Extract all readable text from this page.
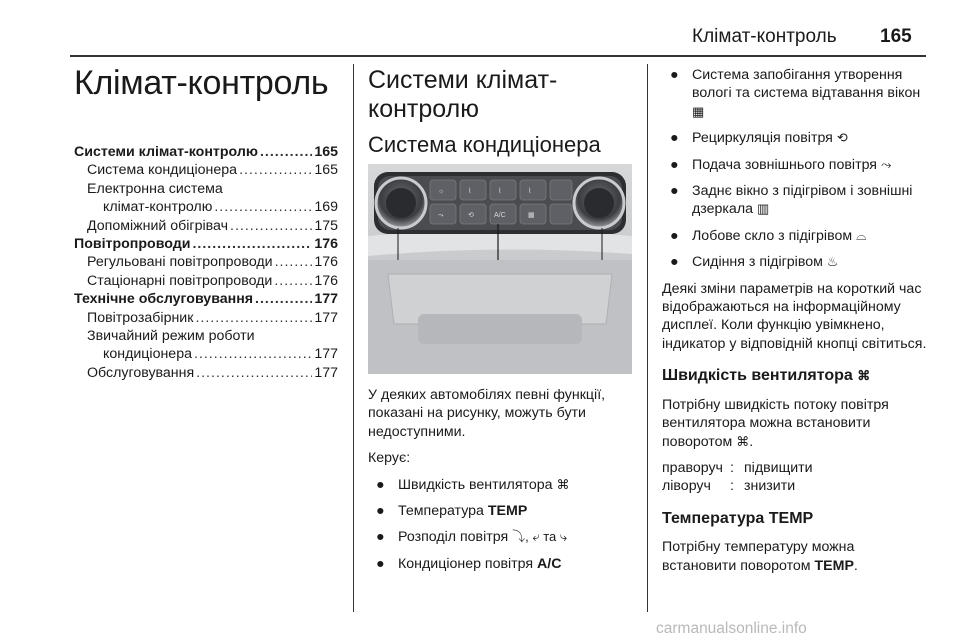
Клімат-контроль 165
Клімат-контроль
Системи клімат-контролю .....	165
Система кондиціонера .....	165
Електронна система
клімат-контролю .....	169
Допоміжний обігрівач .....	175
Повітропроводи .....	176
Регульовані повітропроводи .....	176
Стаціонарні повітропроводи .....	176
Технічне обслуговування .....	177
Повітрозабірник .....	177
Звичайний режим роботи
кондиціонера .....	177
Обслуговування .....	177
Системи клімат-контролю
Система кондиціонера
☼	⌇	⌇	⌇
⤳	⟲	A/C	▦
У деяких автомобілях певні функції, показані на рисунку, можуть бути недоступними.
Керує:
● Швидкість вентилятора ⌘
● Температура TEMP
● Розподіл повітря ⤵, ⤶ та ⤷
● Кондиціонер повітря A/C
● Система запобігання утворення вологі та система відтавання вікон ▦
● Рециркуляція повітря ⟲
● Подача зовнішнього повітря ⤳
● Заднє вікно з підігрівом і зовнішні дзеркала ▥
● Лобове скло з підігрівом ⌓
● Сидіння з підігрівом ♨
Деякі зміни параметрів на короткий час відображаються на інформаційному дисплеї. Коли функцію увімкнено, індикатор у відповідній кнопці світиться.
Швидкість вентилятора ⌘
Потрібну швидкість потоку повітря вентилятора можна встановити поворотом ⌘.
праворуч : підвищити
ліворуч	: знизити
Температура TEMP
Потрібну температуру можна встановити поворотом TEMP.
carmanualsonline.info
